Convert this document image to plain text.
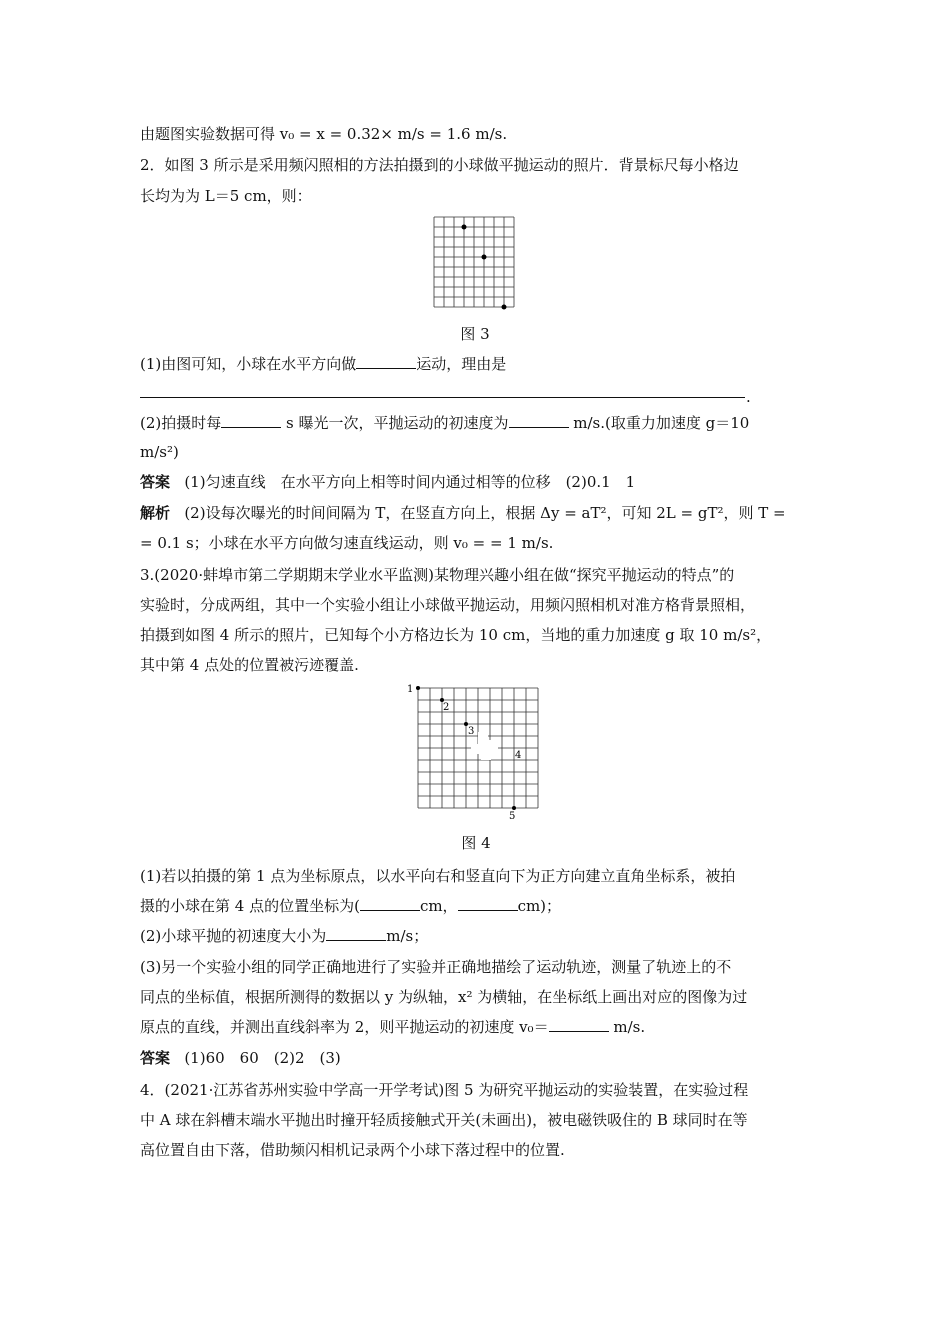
由题图实验数据可得 v₀ = x = 0.32× m/s = 1.6 m/s.
2．如图 3 所示是采用频闪照相的方法拍摄到的小球做平抛运动的照片．背景标尺每小格边
长均为为 L＝5 cm，则：
图 3
(1)由图可知，小球在水平方向做	运动，理由是
.
(2)拍摄时每	s 曝光一次，平抛运动的初速度为	m/s.(取重力加速度 g＝10
m/s²)
答案 (1)匀速直线　在水平方向上相等时间内通过相等的位移　(2)0.1　1
解析 (2)设每次曝光的时间间隔为 T，在竖直方向上，根据 Δy = aT²，可知 2L = gT²，则 T =
= 0.1 s；小球在水平方向做匀速直线运动，则 v₀ = = 1 m/s.
3.(2020·蚌埠市第二学期期末学业水平监测)某物理兴趣小组在做“探究平抛运动的特点”的
实验时，分成两组，其中一个实验小组让小球做平抛运动，用频闪照相机对准方格背景照相，
拍摄到如图 4 所示的照片，已知每个小方格边长为 10 cm，当地的重力加速度 g 取 10 m/s²，
其中第 4 点处的位置被污迹覆盖.
1
2
3
4
5
图 4
(1)若以拍摄的第 1 点为坐标原点，以水平向右和竖直向下为正方向建立直角坐标系，被拍
摄的小球在第 4 点的位置坐标为(	cm，	cm)；
(2)小球平抛的初速度大小为	m/s；
(3)另一个实验小组的同学正确地进行了实验并正确地描绘了运动轨迹，测量了轨迹上的不
同点的坐标值，根据所测得的数据以 y 为纵轴，x² 为横轴，在坐标纸上画出对应的图像为过
原点的直线，并测出直线斜率为 2，则平抛运动的初速度 v₀＝	m/s.
答案 (1)60　60　(2)2　(3)
4．(2021·江苏省苏州实验中学高一开学考试)图 5 为研究平抛运动的实验装置，在实验过程
中 A 球在斜槽末端水平抛出时撞开轻质接触式开关(未画出)，被电磁铁吸住的 B 球同时在等
高位置自由下落，借助频闪相机记录两个小球下落过程中的位置.
